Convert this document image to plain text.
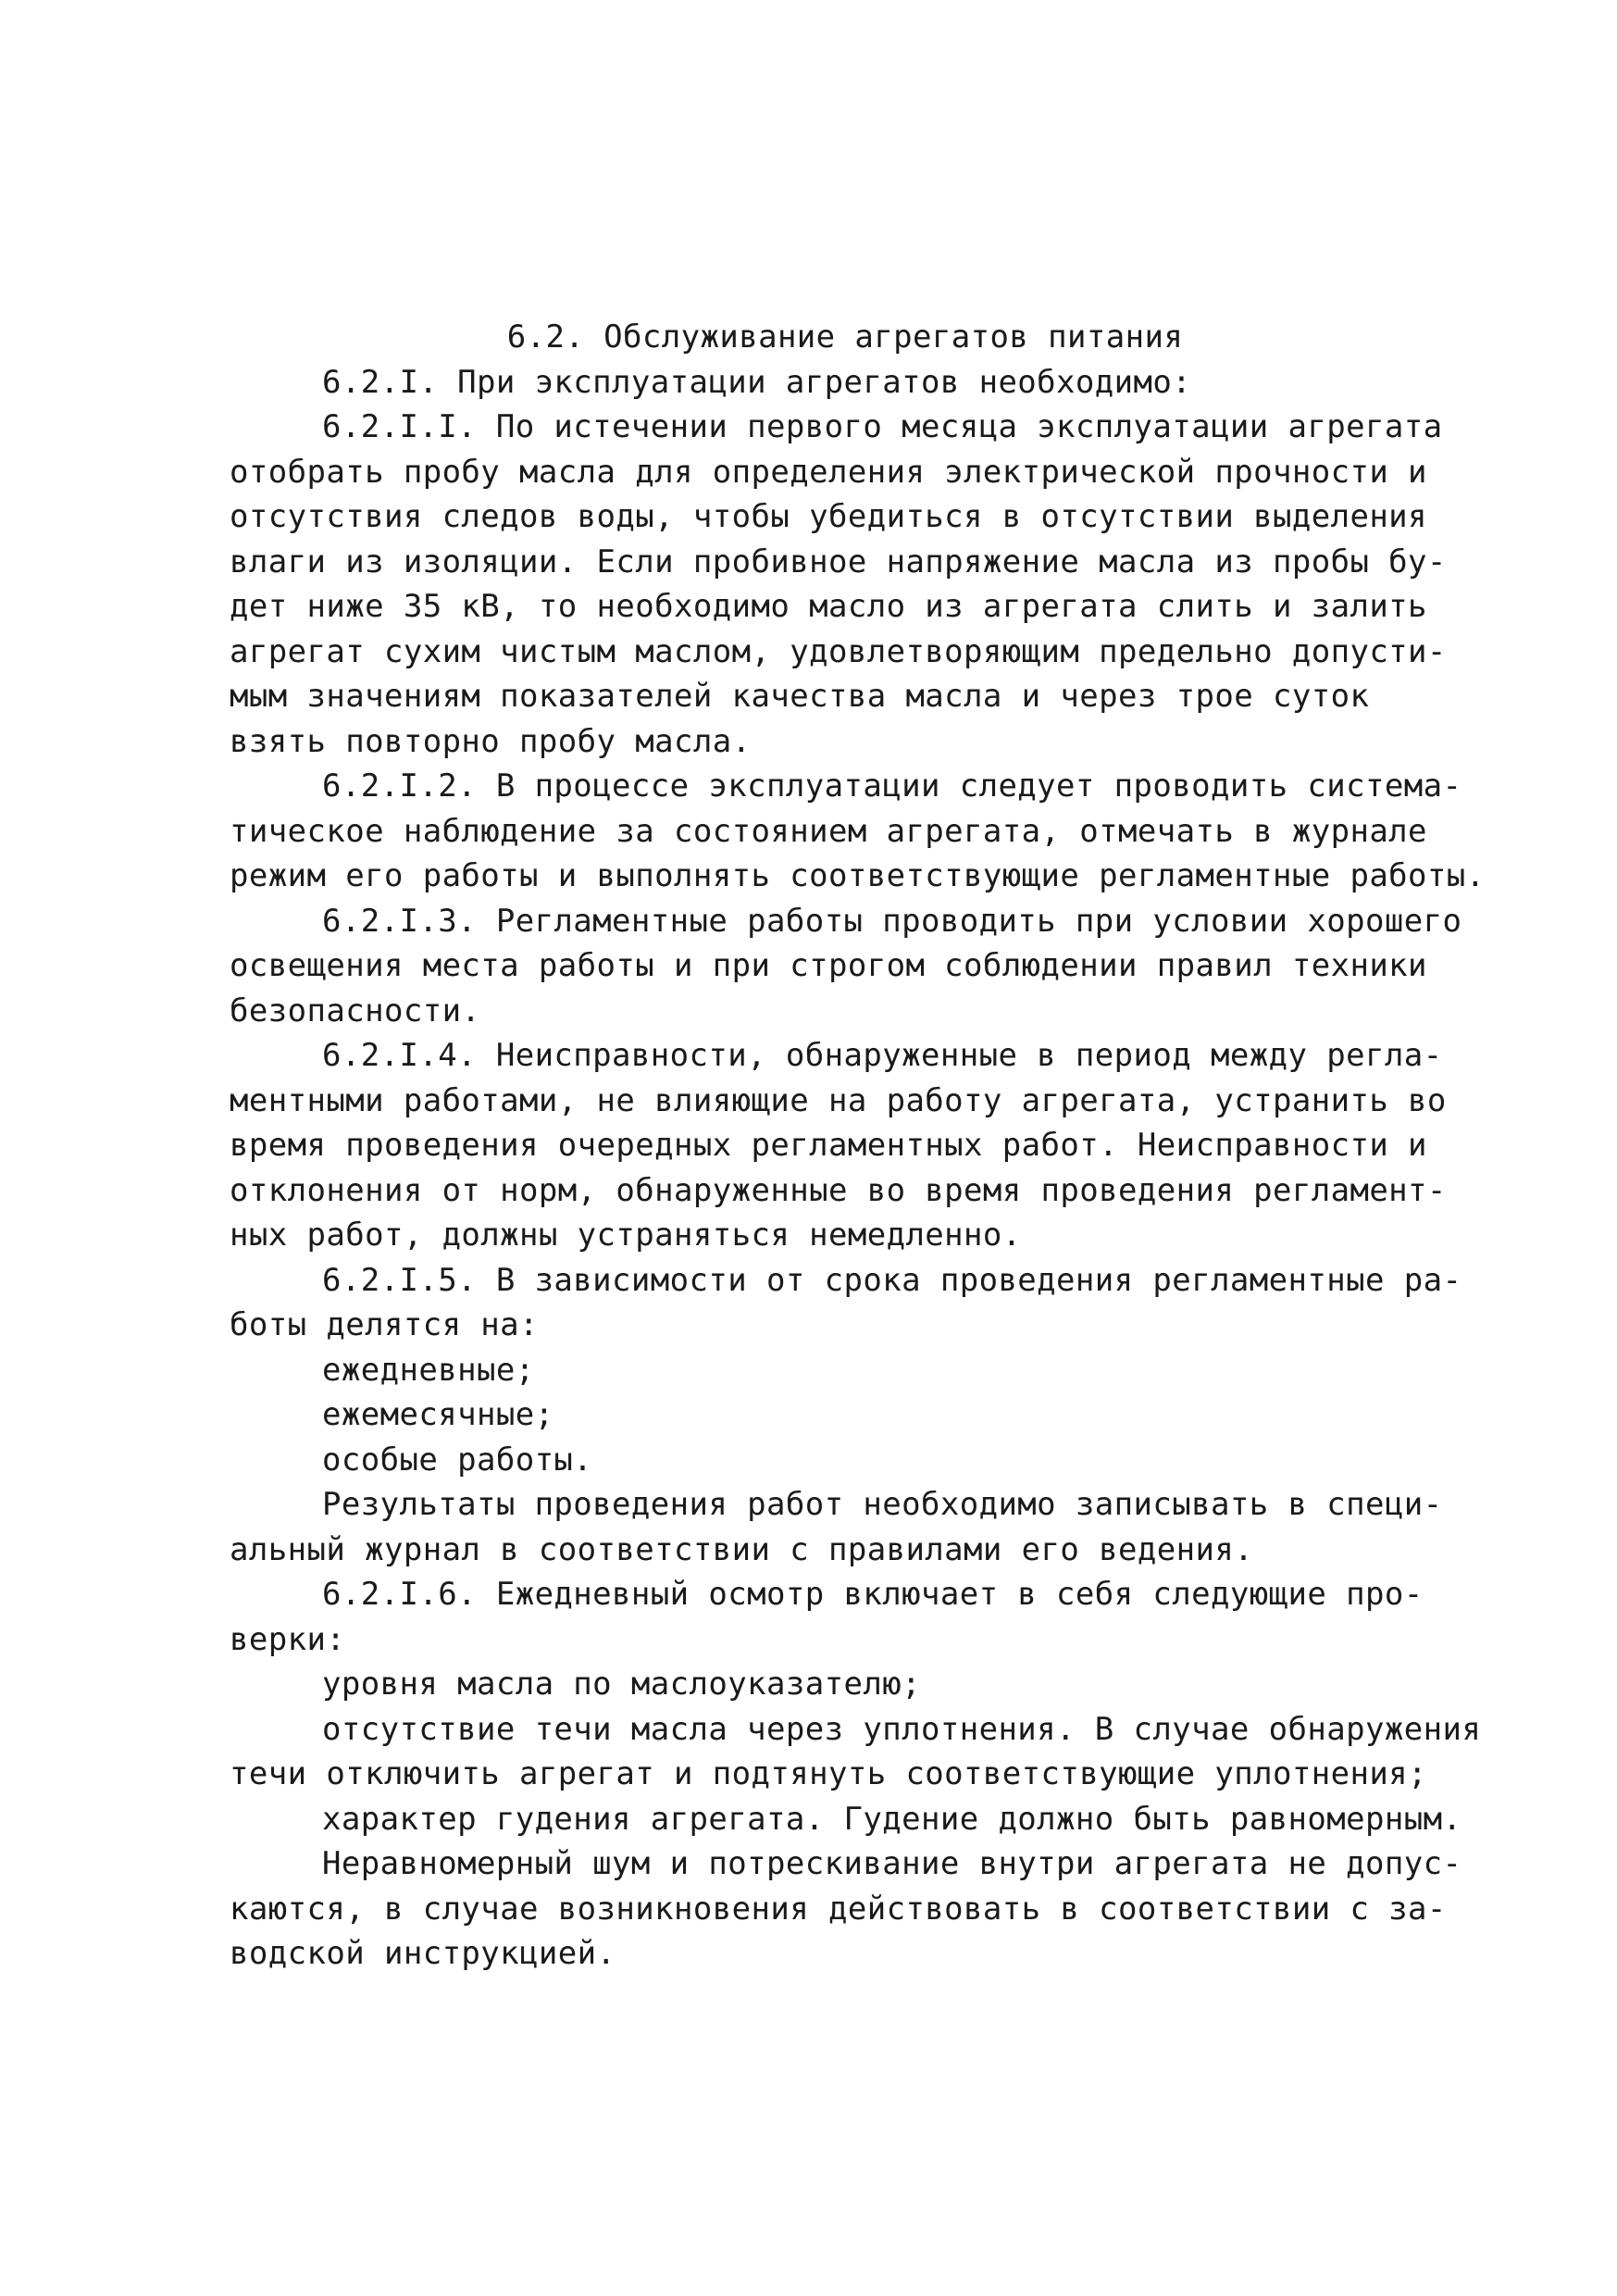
6.2. Обслуживание агрегатов питания
6.2.I. При эксплуатации агрегатов необходимо:
6.2.I.I. По истечении первого месяца эксплуатации агрегата
отобрать пробу масла для определения электрической прочности и
отсутствия следов воды, чтобы убедиться в отсутствии выделения
влаги из изоляции. Если пробивное напряжение масла из пробы бу-
дет ниже 35 кВ, то необходимо масло из агрегата слить и залить
агрегат сухим чистым маслом, удовлетворяющим предельно допусти-
мым значениям показателей качества масла и через трое суток
взять повторно пробу масла.
6.2.I.2. В процессе эксплуатации следует проводить система-
тическое наблюдение за состоянием агрегата, отмечать в журнале
режим его работы и выполнять соответствующие регламентные работы.
6.2.I.3. Регламентные работы проводить при условии хорошего
освещения места работы и при строгом соблюдении правил техники
безопасности.
6.2.I.4. Неисправности, обнаруженные в период между регла-
ментными работами, не влияющие на работу агрегата, устранить во
время проведения очередных регламентных работ. Неисправности и
отклонения от норм, обнаруженные во время проведения регламент-
ных работ, должны устраняться немедленно.
6.2.I.5. В зависимости от срока проведения регламентные ра-
боты делятся на:
ежедневные;
ежемесячные;
особые работы.
Результаты проведения работ необходимо записывать в специ-
альный журнал в соответствии с правилами его ведения.
6.2.I.6. Ежедневный осмотр включает в себя следующие про-
верки:
уровня масла по маслоуказателю;
отсутствие течи масла через уплотнения. В случае обнаружения
течи отключить агрегат и подтянуть соответствующие уплотнения;
характер гудения агрегата. Гудение должно быть равномерным.
Неравномерный шум и потрескивание внутри агрегата не допус-
каются, в случае возникновения действовать в соответствии с за-
водской инструкцией.
